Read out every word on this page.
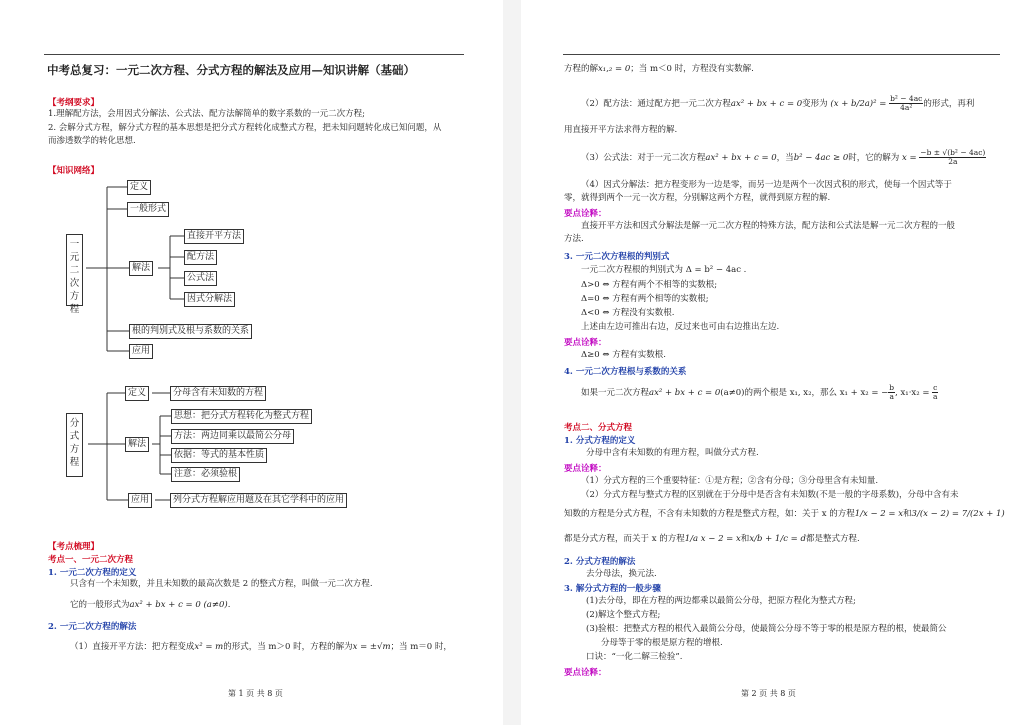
中考总复习：一元二次方程、分式方程的解法及应用—知识讲解（基础）
【考纲要求】
1.理解配方法，会用因式分解法、公式法、配方法解简单的数字系数的一元二次方程;
2. 会解分式方程，解分式方程的基本思想是把分式方程转化成整式方程，把未知问题转化成已知问题，从
而渗透数学的转化思想.
【知识网络】
一元二次方程
定义
一般形式
解法
直接开平方法
配方法
公式法
因式分解法
根的判别式及根与系数的关系
应用
分式方程
定义	分母含有未知数的方程
解法
思想：把分式方程转化为整式方程
方法：两边同乘以最简公分母
依据：等式的基本性质
注意：必须验根
应用	列分式方程解应用题及在其它学科中的应用
【考点梳理】
考点一、一元二次方程
1. 一元二次方程的定义
只含有一个未知数，并且未知数的最高次数是 2 的整式方程，叫做一元二次方程.
它的一般形式为ax² + bx + c = 0 (a≠0).
2. 一元二次方程的解法
（1）直接开平方法：把方程变成x² = m的形式，当 m＞0 时，方程的解为x = ±√m；当 m＝0 时，
第 1 页 共 8 页
方程的解x₁,₂ = 0；当 m＜0 时，方程没有实数解.
（2）配方法：通过配方把一元二次方程ax² + bx + c = 0变形为 $(x + b/2a)^2 = \frac{\text{b² − 4ac}}{\text{4a²}}$ 的形式，再利
用直接开平方法求得方程的解.
（3）公式法：对于一元二次方程ax² + bx + c = 0，当b² − 4ac ≥ 0时，它的解为 $x = \frac{\text{−b ± √(b² − 4ac)}}{2a}$
（4）因式分解法：把方程变形为一边是零，而另一边是两个一次因式积的形式，使每一个因式等于
零，就得到两个一元一次方程，分别解这两个方程，就得到原方程的解.
要点诠释：
直接开平方法和因式分解法是解一元二次方程的特殊方法，配方法和公式法是解一元二次方程的一般
方法.
3. 一元二次方程根的判别式
一元二次方程根的判别式为 Δ = b² − 4ac .
Δ>0 ⇔ 方程有两个不相等的实数根;
Δ=0 ⇔ 方程有两个相等的实数根;
Δ<0 ⇔ 方程没有实数根.
上述由左边可推出右边，反过来也可由右边推出左边.
要点诠释：
Δ≥0 ⇔ 方程有实数根.
4. 一元二次方程根与系数的关系
如果一元二次方程ax² + bx + c = 0(a≠0)的两个根是 x₁, x₂，那么 x₁ + x₂ = − $\frac{b}{a}$ , $x_1\cdot x_2 = \frac{c}{a}$
考点二、分式方程
1. 分式方程的定义
分母中含有未知数的有理方程，叫做分式方程.
要点诠释：
（1）分式方程的三个重要特征：①是方程；②含有分母；③分母里含有未知量.
（2）分式方程与整式方程的区别就在于分母中是否含有未知数(不是一般的字母系数)，分母中含有未
知数的方程是分式方程，不含有未知数的方程是整式方程，如：关于 x 的方程1/x − 2 = x和3/(x − 2) = 7/(2x + 1)
都是分式方程，而关于 x 的方程1/a x − 2 = x和x/b + 1/c = d都是整式方程.
2. 分式方程的解法
去分母法，换元法.
3. 解分式方程的一般步骤
(1)去分母，即在方程的两边都乘以最简公分母，把原方程化为整式方程;
(2)解这个整式方程;
(3)验根：把整式方程的根代入最简公分母，使最简公分母不等于零的根是原方程的根，使最简公
分母等于零的根是原方程的增根.
口诀：“一化二解三检验”.
要点诠释：
第 2 页 共 8 页
